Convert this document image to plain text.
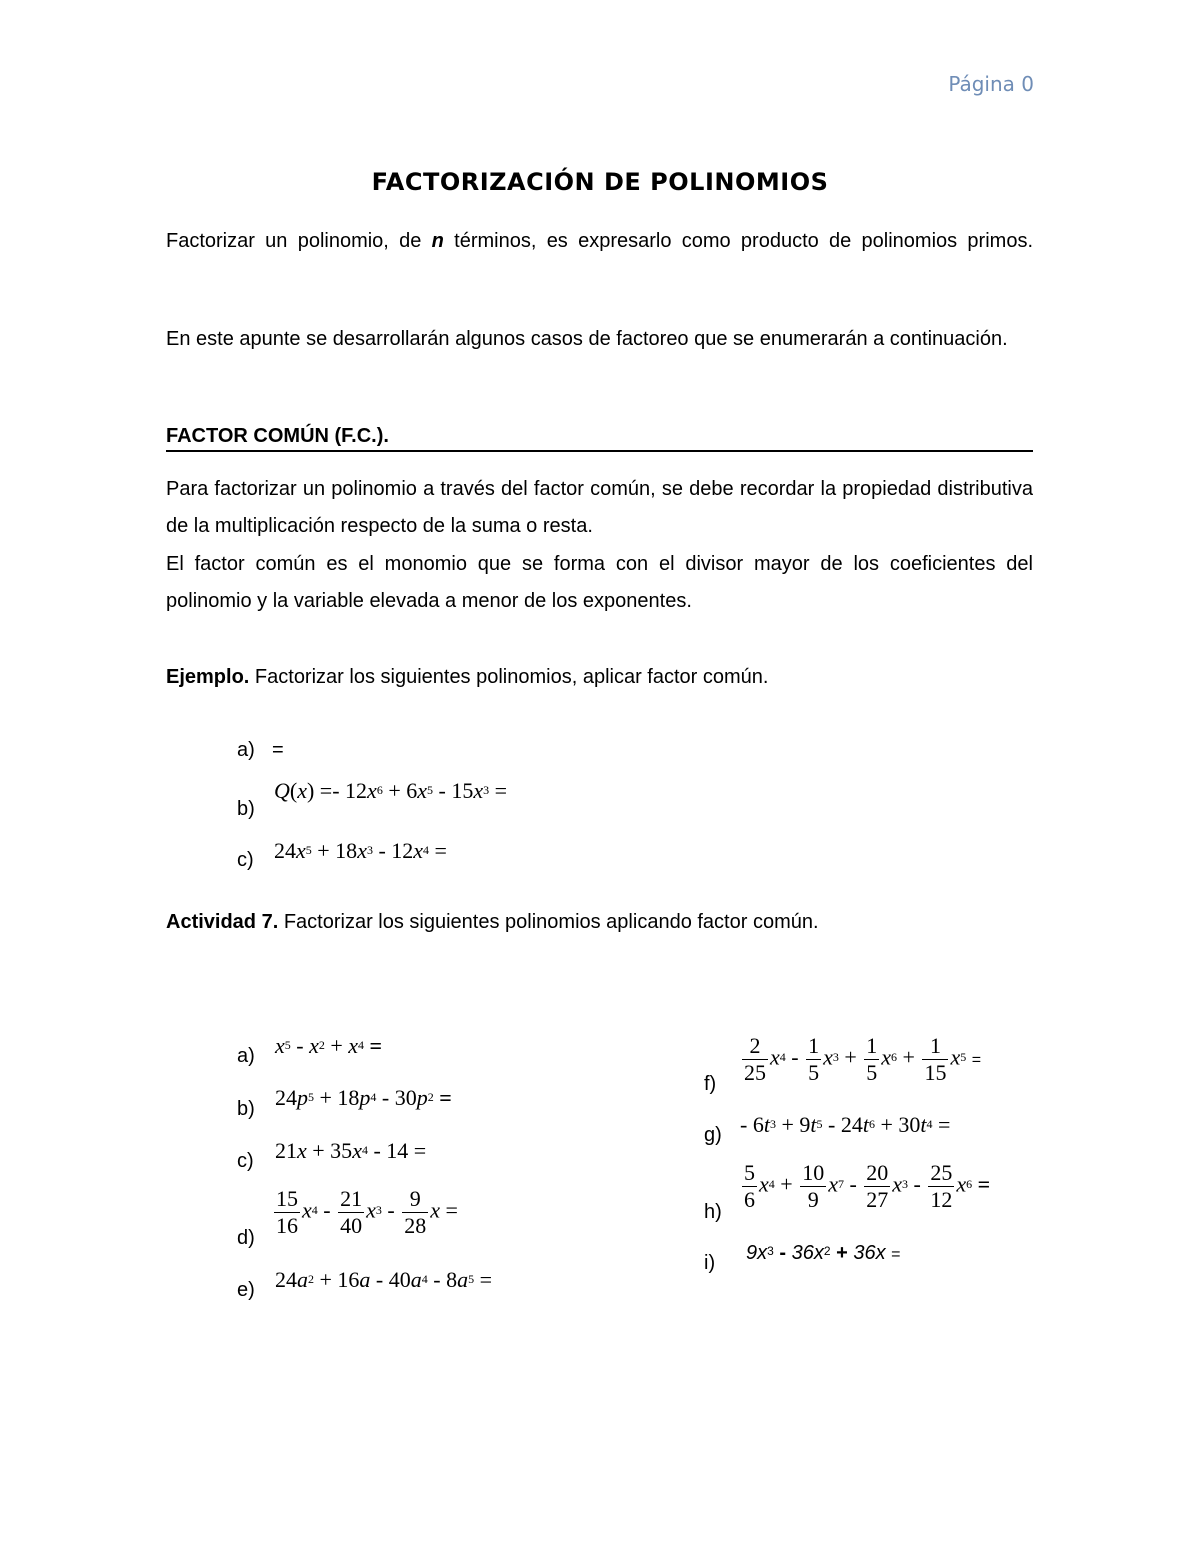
Página 0
FACTORIZACIÓN DE POLINOMIOS
Factorizar un polinomio, de n términos, es expresarlo como producto de polinomios primos.
En este apunte se desarrollarán algunos casos de factoreo que se enumerarán a continuación.
FACTOR COMÚN (F.C.).
Para factorizar un polinomio a través del factor común, se debe recordar la propiedad distributiva de la multiplicación respecto de la suma o resta.
El factor común es el monomio que se forma con el divisor mayor de los coeficientes del polinomio y la variable elevada a menor de los exponentes.
Ejemplo. Factorizar los siguientes polinomios, aplicar factor común.
a) =
b)
$Q(x) =- 12x^6 + 6x^5 - 15x^3$ =
c) $24x^5 + 18x^3 - 12x^4$ =
Actividad 7. Factorizar los siguientes polinomios aplicando factor común.
a) $x^5 - x^2 + x^4$ =
b) $24p^5 + 18p^4 - 30p^2$ =
c) $21x + 35x^4 - 14$ =
$d) \frac{15}{16} x^4 - \frac{21}{40} x^3 - \frac{9}{28}$ x =
e) $24a^2 + 16a - 40a^4 - 8a^5$ =
$f) \frac{2}{25} x^4 - \frac{1}{5} x^3 + \frac{1}{5} x^6 + \frac{1}{15} x^5$ =
$g) - 6t^3 + 9t^5 - 24t^6 + 30t^4$ =
$h) \frac{5}{6} x^4 + \frac{10}{9} x^7 - \frac{20}{27} x^3 - \frac{25}{12} x^6$ =
i) $9x^3 - 36x^2 + 36x$ =
